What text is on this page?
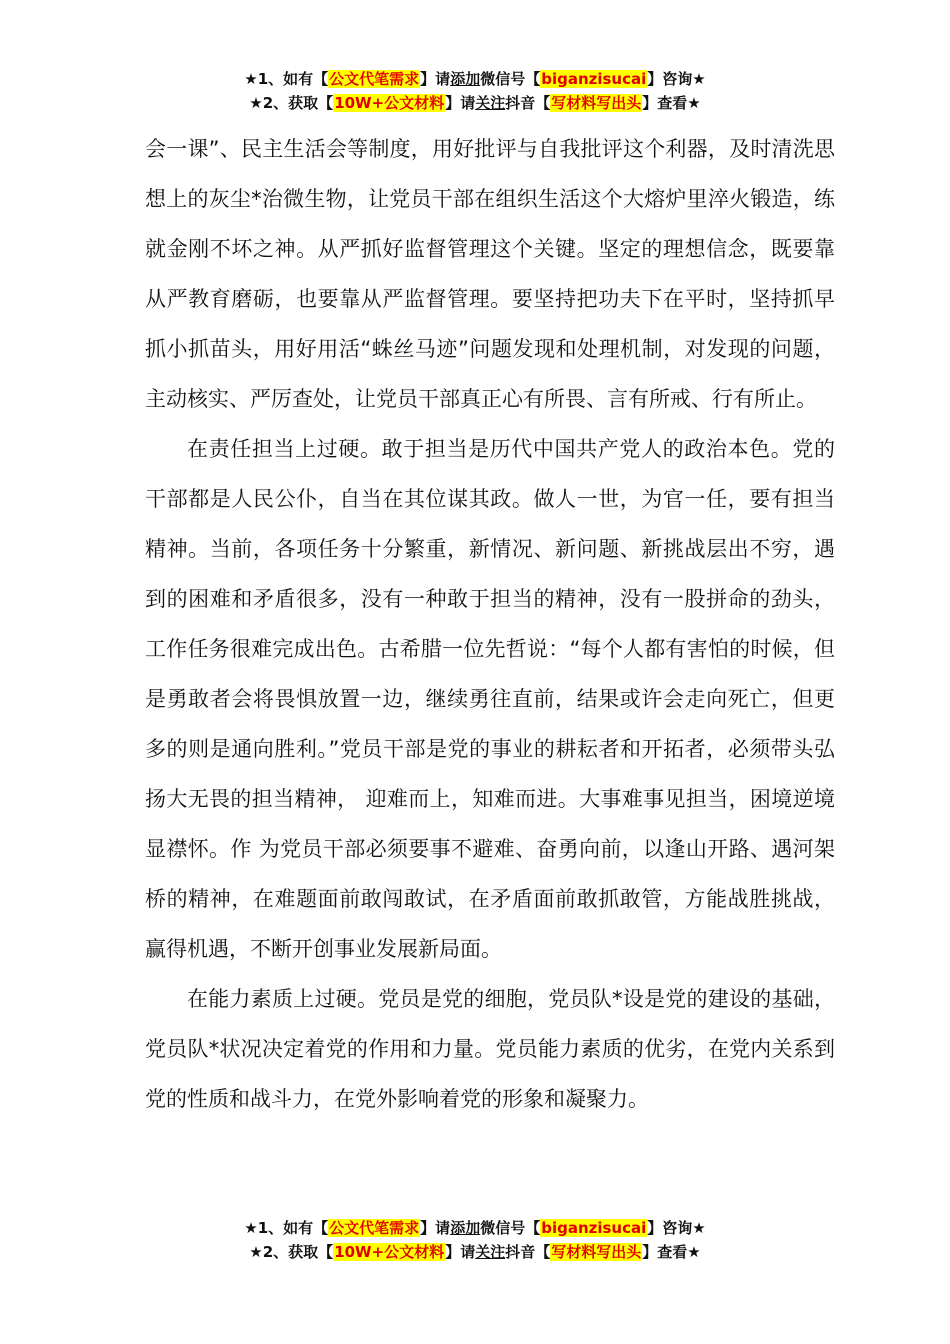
★1、如有【公文代笔需求】请添加微信号【biganzisucai】咨询★
★2、获取【10W+公文材料】请关注抖音【写材料写出头】查看★

会一课”、民主生活会等制度，用好批评与自我批评这个利器，及时清洗思想上的灰尘*治微生物，让党员干部在组织生活这个大熔炉里淬火锻造，练就金刚不坏之神。从严抓好监督管理这个关键。坚定的理想信念，既要靠从严教育磨砺，也要靠从严监督管理。要坚持把功夫下在平时，坚持抓早抓小抓苗头，用好用活“蛛丝马迹”问题发现和处理机制，对发现的问题，主动核实、严厉查处，让党员干部真正心有所畏、言有所戒、行有所止。

在责任担当上过硬。敢于担当是历代中国共产党人的政治本色。党的干部都是人民公仆，自当在其位谋其政。做人一世，为官一任，要有担当精神。当前，各项任务十分繁重，新情况、新问题、新挑战层出不穷，遇到的困难和矛盾很多，没有一种敢于担当的精神，没有一股拼命的劲头， 工作任务很难完成出色。古希腊一位先哲说：“每个人都有害怕的时候，但是勇敢者会将畏惧放置一边，继续勇往直前，结果或许会走向死亡，但更多的则是通向胜利。”党员干部是党的事业的耕耘者和开拓者，必须带头弘扬大无畏的担当精神， 迎难而上，知难而进。大事难事见担当，困境逆境显襟怀。作 为党员干部必须要事不避难、奋勇向前，以逢山开路、遇河架桥的精神，在难题面前敢闯敢试，在矛盾面前敢抓敢管，方能战胜挑战，赢得机遇，不断开创事业发展新局面。

在能力素质上过硬。党员是党的细胞，党员队*设是党的建设的基础，党员队*状况决定着党的作用和力量。党员能力素质的优劣，在党内关系到党的性质和战斗力，在党外影响着党的形象和凝聚力。

★1、如有【公文代笔需求】请添加微信号【biganzisucai】咨询★
★2、获取【10W+公文材料】请关注抖音【写材料写出头】查看★
